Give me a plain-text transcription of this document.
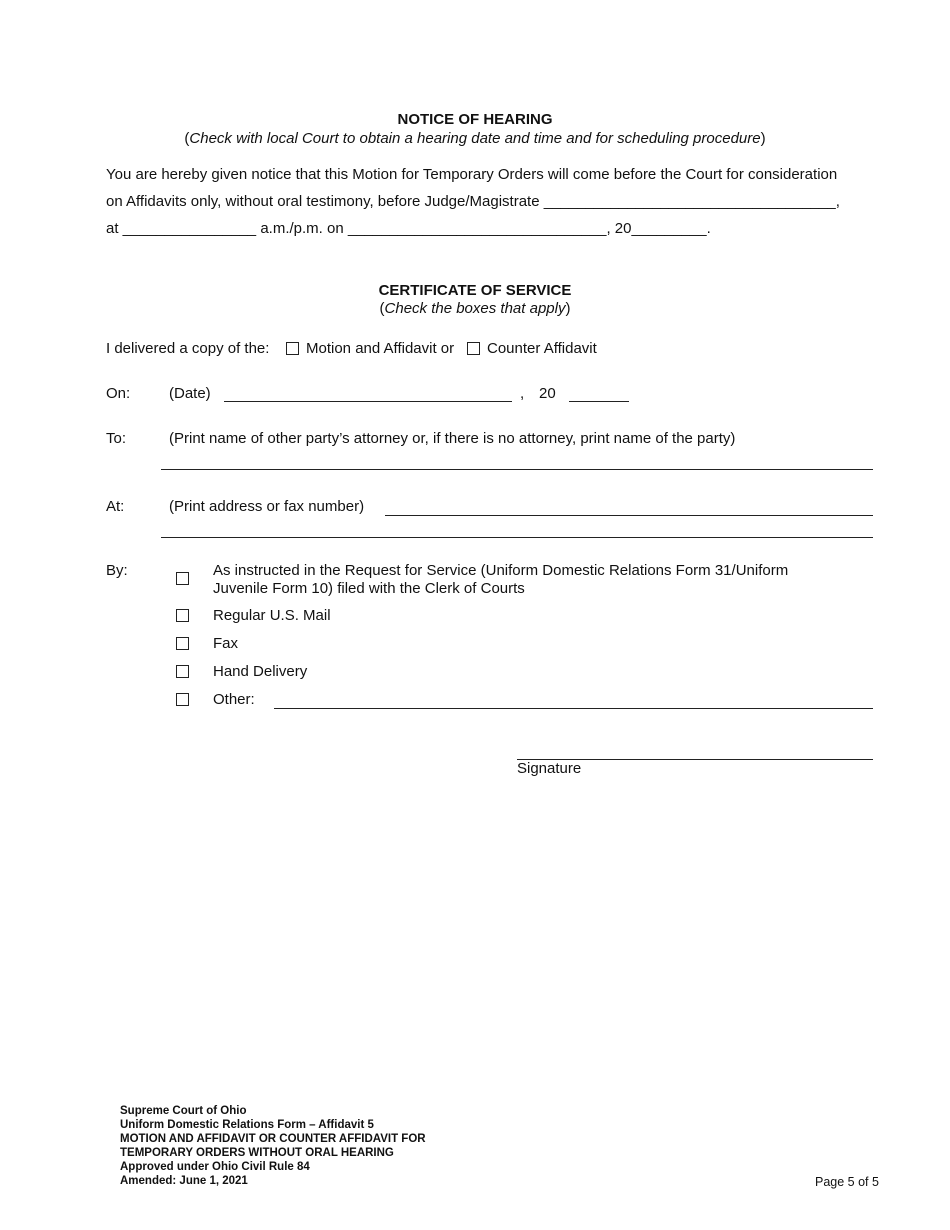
NOTICE OF HEARING
(Check with local Court to obtain a hearing date and time and for scheduling procedure)
You are hereby given notice that this Motion for Temporary Orders will come before the Court for consideration
on Affidavits only, without oral testimony, before Judge/Magistrate ___________________________________,
at ________________ a.m./p.m. on _______________________________, 20_________.
CERTIFICATE OF SERVICE
(Check the boxes that apply)
I delivered a copy of the: Motion and Affidavit or Counter Affidavit
On:	(Date)	, 20
To:	(Print name of other party’s attorney or, if there is no attorney, print name of the party)
At:	(Print address or fax number)
By:	As instructed in the Request for Service (Uniform Domestic Relations Form 31/Uniform
Juvenile Form 10) filed with the Clerk of Courts
Regular U.S. Mail
Fax
Hand Delivery
Other:
Signature
Supreme Court of Ohio
Uniform Domestic Relations Form – Affidavit 5
MOTION AND AFFIDAVIT OR COUNTER AFFIDAVIT FOR
TEMPORARY ORDERS WITHOUT ORAL HEARING
Approved under Ohio Civil Rule 84
Amended: June 1, 2021	Page 5 of 5
